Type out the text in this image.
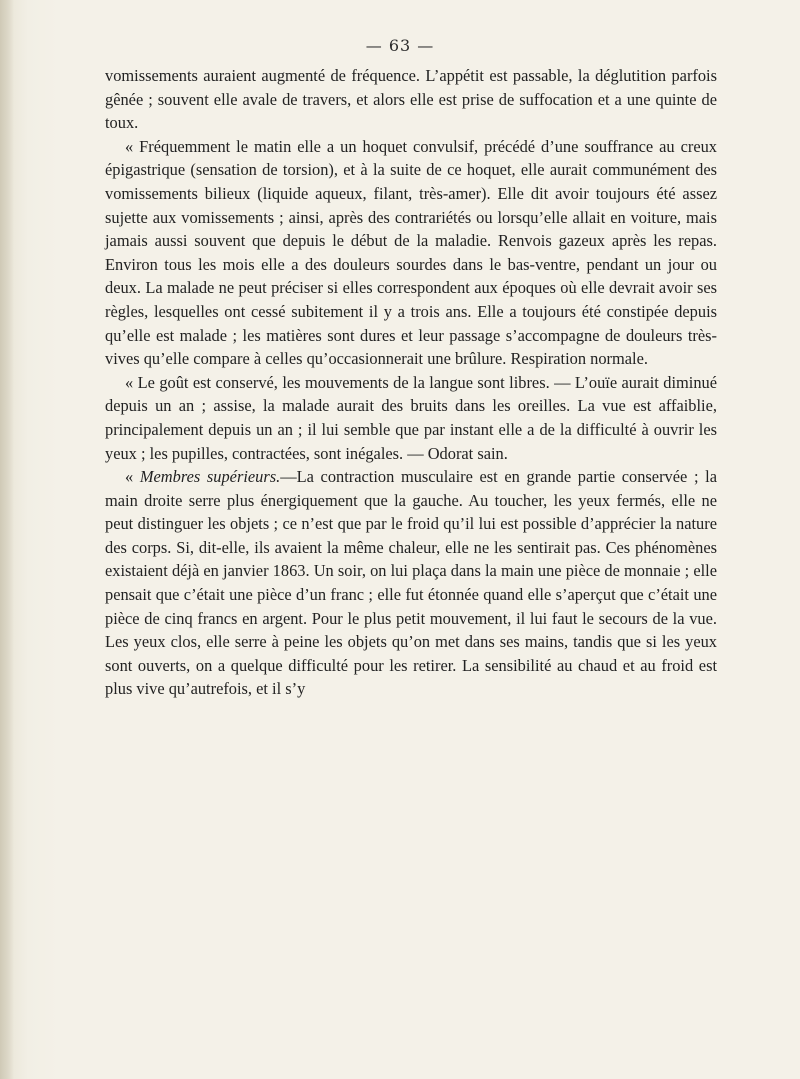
— 63 —

vomissements auraient augmenté de fréquence. L’appétit est passable, la déglutition parfois gênée ; souvent elle avale de travers, et alors elle est prise de suffocation et a une quinte de toux.

« Fréquemment le matin elle a un hoquet convulsif, précédé d’une souffrance au creux épigastrique (sensation de torsion), et à la suite de ce hoquet, elle aurait communément des vomissements bilieux (liquide aqueux, filant, très-amer). Elle dit avoir toujours été assez sujette aux vomissements ; ainsi, après des contrariétés ou lorsqu’elle allait en voiture, mais jamais aussi souvent que depuis le début de la maladie. Renvois gazeux après les repas. Environ tous les mois elle a des douleurs sourdes dans le bas-ventre, pendant un jour ou deux. La malade ne peut préciser si elles correspondent aux époques où elle devrait avoir ses règles, lesquelles ont cessé subitement il y a trois ans. Elle a toujours été constipée depuis qu’elle est malade ; les matières sont dures et leur passage s’accompagne de douleurs très-vives qu’elle compare à celles qu’occasionnerait une brûlure. Respiration normale.

« Le goût est conservé, les mouvements de la langue sont libres. — L’ouïe aurait diminué depuis un an ; assise, la malade aurait des bruits dans les oreilles. La vue est affaiblie, principalement depuis un an ; il lui semble que par instant elle a de la difficulté à ouvrir les yeux ; les pupilles, contractées, sont inégales. — Odorat sain.

« Membres supérieurs.—La contraction musculaire est en grande partie conservée ; la main droite serre plus énergiquement que la gauche. Au toucher, les yeux fermés, elle ne peut distinguer les objets ; ce n’est que par le froid qu’il lui est possible d’apprécier la nature des corps. Si, dit-elle, ils avaient la même chaleur, elle ne les sentirait pas. Ces phénomènes existaient déjà en janvier 1863. Un soir, on lui plaça dans la main une pièce de monnaie ; elle pensait que c’était une pièce d’un franc ; elle fut étonnée quand elle s’aperçut que c’était une pièce de cinq francs en argent. Pour le plus petit mouvement, il lui faut le secours de la vue. Les yeux clos, elle serre à peine les objets qu’on met dans ses mains, tandis que si les yeux sont ouverts, on a quelque difficulté pour les retirer. La sensibilité au chaud et au froid est plus vive qu’autrefois, et il s’y
